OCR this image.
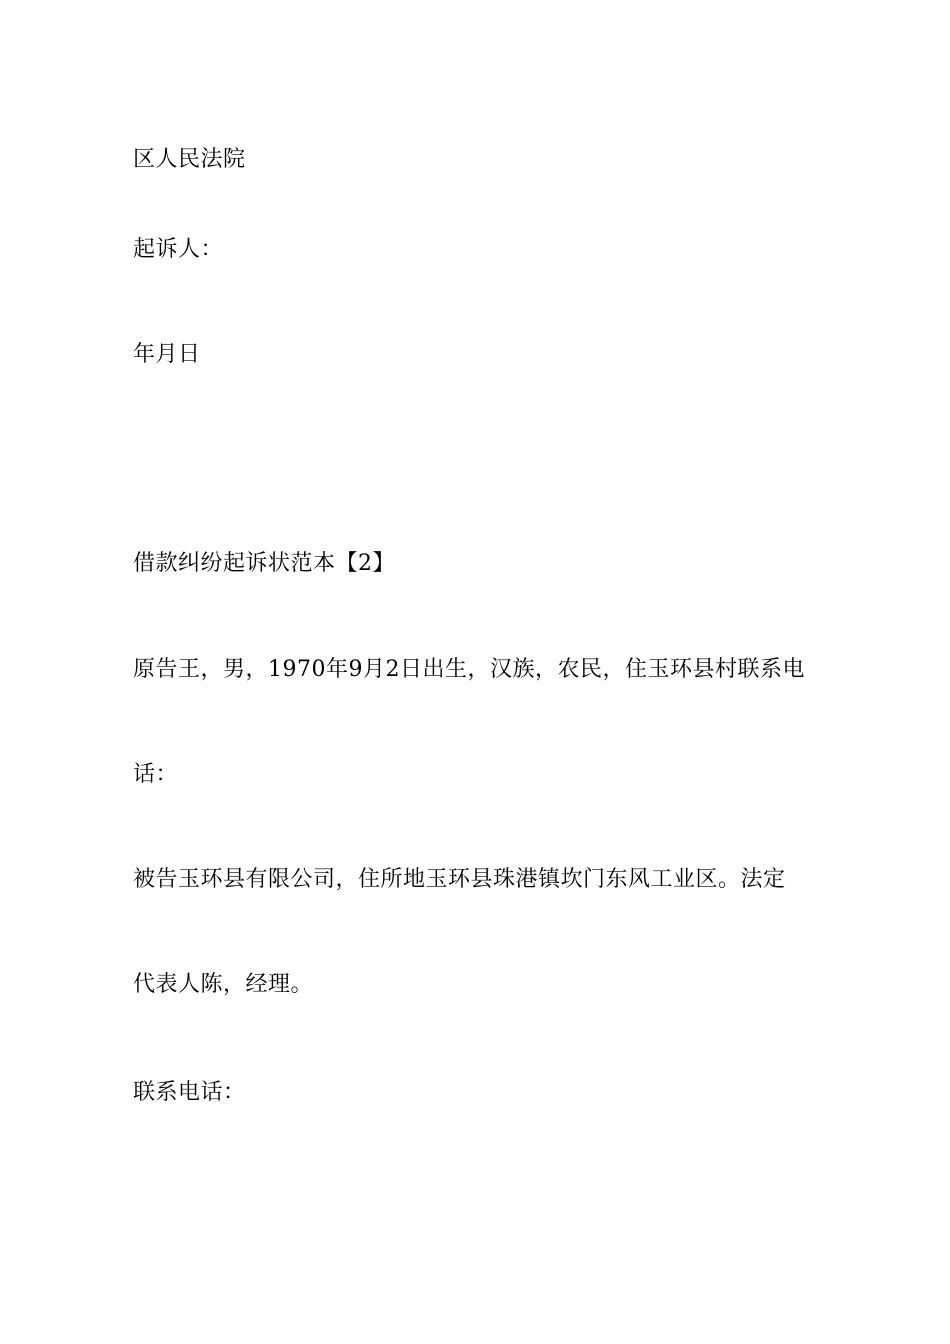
区人民法院
起诉人：
年月日
借款纠纷起诉状范本【2】
原告王，男，1970年9月2日出生，汉族，农民，住玉环县村联系电
话：
被告玉环县有限公司，住所地玉环县珠港镇坎门东风工业区。法定
代表人陈，经理。
联系电话：
